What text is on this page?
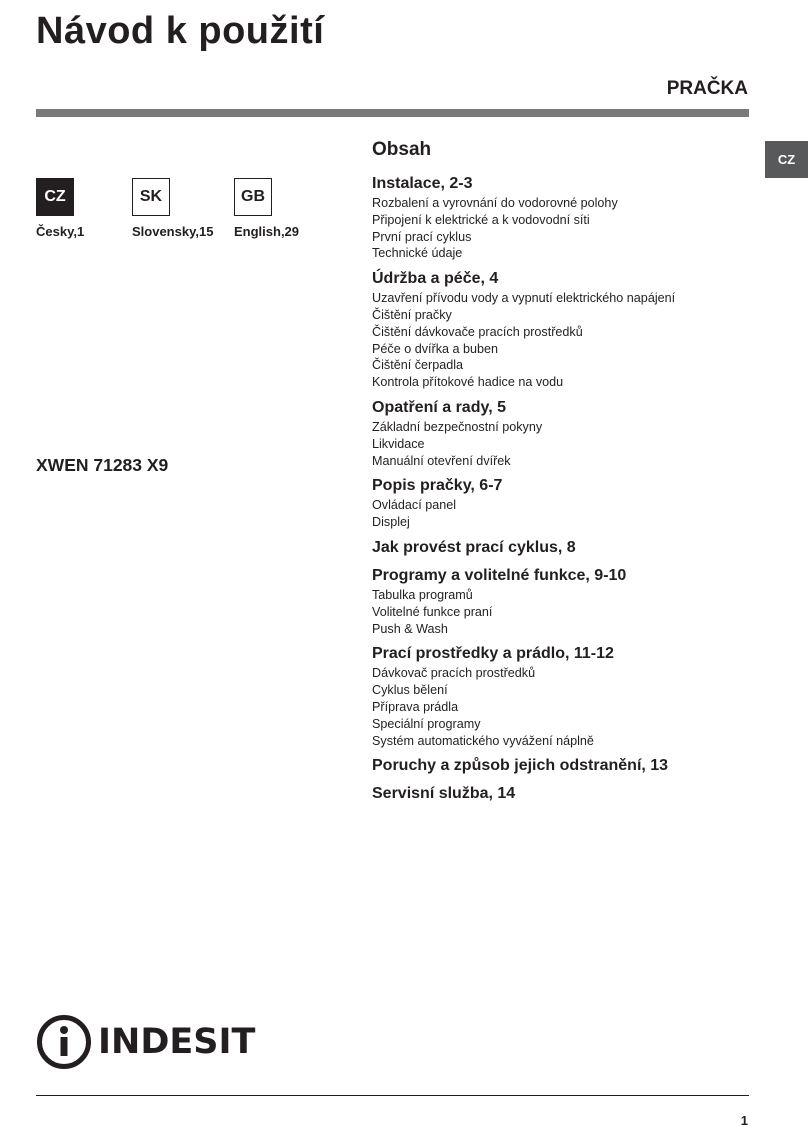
Návod k použití
PRAČKA
CZ
CZ
Česky,1
SK
Slovensky,15
GB
English,29
XWEN 71283 X9
Obsah
Instalace, 2-3
Rozbalení a vyrovnání do vodorovné polohy
Připojení k elektrické a k vodovodní síti
První prací cyklus
Technické údaje
Údržba a péče, 4
Uzavření přívodu vody a vypnutí elektrického napájení
Čištění pračky
Čištění dávkovače pracích prostředků
Péče o dvířka a buben
Čištění čerpadla
Kontrola přítokové hadice na vodu
Opatření a rady, 5
Základní bezpečnostní pokyny
Likvidace
Manuální otevření dvířek
Popis pračky, 6-7
Ovládací panel
Displej
Jak provést prací cyklus, 8
Programy a volitelné funkce, 9-10
Tabulka programů
Volitelné funkce praní
Push & Wash
Prací prostředky a prádlo, 11-12
Dávkovač pracích prostředků
Cyklus bělení
Příprava prádla
Speciální programy
Systém automatického vyvážení náplně
Poruchy a způsob jejich odstranění, 13
Servisní služba, 14
INDESIT
1
